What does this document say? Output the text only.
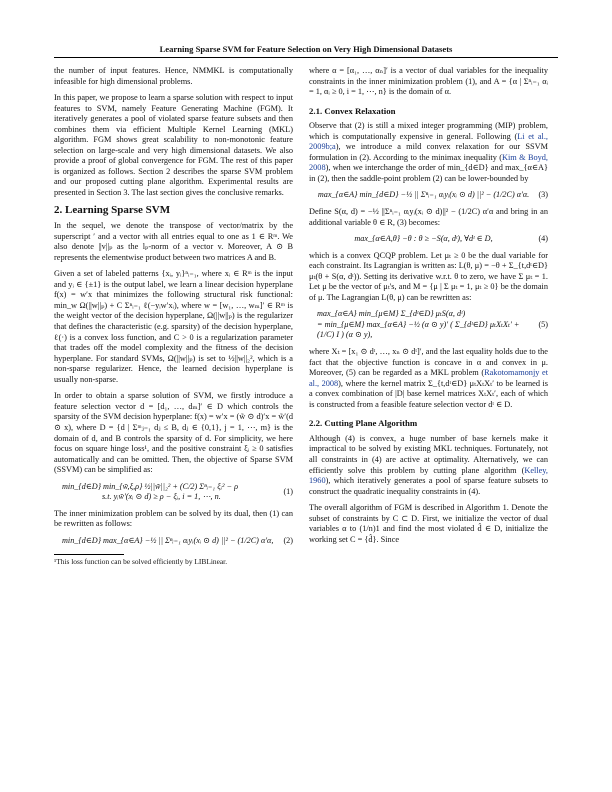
Learning Sparse SVM for Feature Selection on Very High Dimensional Datasets

the number of input features. Hence, NMMKL is computationally infeasible for high dimensional problems.

In this paper, we propose to learn a sparse solution with respect to input features to SVM, namely Feature Generating Machine (FGM). It iteratively generates a pool of violated sparse feature subsets and then combines them via efficient Multiple Kernel Learning (MKL) algorithm. FGM shows great scalability to non-monotonic feature selection on large-scale and very high dimensional datasets. We also provide a proof of global convergence for FGM. The rest of this paper is organized as follows. Section 2 describes the sparse SVM problem and our proposed cutting plane algorithm. Experimental results are presented in Section 3. The last section gives the conclusive remarks.

2. Learning Sparse SVM

In the sequel, we denote the transpose of vector/matrix by the superscript ′ and a vector with all entries equal to one as 1 ∈ Rᵐ. We also denote ||v||ₚ as the lₚ-norm of a vector v. Moreover, A ⊙ B represents the elementwise product between two matrices A and B.

Given a set of labeled patterns {xᵢ, yᵢ}ⁿᵢ₌₁, where xᵢ ∈ Rᵐ is the input and yᵢ ∈ {±1} is the output label, we learn a linear decision hyperplane f(x) = w′x that minimizes the following structural risk functional: min_w Ω(||w||ₚ) + C Σⁿᵢ₌₁ ℓ(−yᵢw′xᵢ), where w = [w₁, …, wₘ]′ ∈ Rᵐ is the weight vector of the decision hyperplane, Ω(||w||ₚ) is the regularizer that defines the characteristic (e.g. sparsity) of the decision hyperplane, ℓ(·) is a convex loss function, and C > 0 is a regularization parameter that trades off the model complexity and the fitness of the decision hyperplane. For standard SVMs, Ω(||w||ₚ) is set to ½||w||₂², which is a non-sparse regularizer. Hence, the learned decision hyperplane is usually non-sparse.

In order to obtain a sparse solution of SVM, we firstly introduce a feature selection vector d = [d₁, …, dₘ]′ ∈ D which controls the sparsity of the SVM decision hyperplane: f(x) = w′x = (w̃ ⊙ d)′x = w̃′(d ⊙ x), where D = {d | Σᵐⱼ₌₁ dⱼ ≤ B, dⱼ ∈ {0,1}, j = 1, ⋯, m} is the domain of d, and B controls the sparsity of d. For simplicity, we here focus on square hinge loss¹, and the positive constraint ξᵢ ≥ 0 satisfies automatically and can be omitted. Then, the objective of Sparse SVM (SSVM) can be simplified as:

min_{d∈D} min_{w̃,ξ,ρ} ½||w̃||₂² + (C/2) Σⁿᵢ₌₁ ξᵢ² − ρ
s.t. yᵢw̃′(xᵢ ⊙ d) ≥ ρ − ξᵢ, i = 1, ⋯, n.
(1)

The inner minimization problem can be solved by its dual, then (1) can be rewritten as follows:

min_{d∈D} max_{α∈A} −½ || Σⁿᵢ₌₁ αᵢyᵢ(xᵢ ⊙ d) ||² − (1/2C) α′α,	(2)
¹This loss function can be solved efficiently by LIBLinear.

where α = [α₁, …, αₙ]′ is a vector of dual variables for the inequality constraints in the inner minimization problem (1), and A = {α | Σⁿᵢ₌₁ αᵢ = 1, αᵢ ≥ 0, i = 1, ⋯, n} is the domain of α.

2.1. Convex Relaxation

Observe that (2) is still a mixed integer programming (MIP) problem, which is computationally expensive in general. Following (Li et al., 2009b;a), we introduce a mild convex relaxation for our SSVM formulation in (2). According to the minimax inequality (Kim & Boyd, 2008), when we interchange the order of min_{d∈D} and max_{α∈A} in (2), then the saddle-point problem (2) can be lower-bounded by

max_{α∈A} min_{d∈D} −½ || Σⁿᵢ₌₁ αᵢyᵢ(xᵢ ⊙ d) ||² − (1/2C) α′α.	(3)

Define S(α, d) = −½ ||Σⁿᵢ₌₁ αᵢyᵢ(xᵢ ⊙ d)||² − (1/2C) α′α and bring in an additional variable θ ∈ R, (3) becomes:

max_{α∈A,θ} −θ : θ ≥ −S(α, dᵗ), ∀dᵗ ∈ D,	(4)

which is a convex QCQP problem. Let μₜ ≥ 0 be the dual variable for each constraint. Its Lagrangian is written as: L(θ, μ) = −θ + Σ_{t,dᵗ∈D} μₜ(θ + S(α, dᵗ)). Setting its derivative w.r.t. θ to zero, we have Σ μₜ = 1. Let μ be the vector of μₜ's, and M = {μ | Σ μₜ = 1, μₜ ≥ 0} be the domain of μ. The Lagrangian L(θ, μ) can be rewritten as:

max_{α∈A} min_{μ∈M} Σ_{dᵗ∈D} μₜS(α, dᵗ)
= min_{μ∈M} max_{α∈A} −½ (α ⊙ y)′ ( Σ_{dᵗ∈D} μₜXₜXₜ′ + (1/C) I ) (α ⊙ y),
(5)

where Xₜ = [x₁ ⊙ dᵗ, …, xₙ ⊙ dᵗ]′, and the last equality holds due to the fact that the objective function is concave in α and convex in μ. Moreover, (5) can be regarded as a MKL problem (Rakotomamonjy et al., 2008), where the kernel matrix Σ_{t,dᵗ∈D} μₜXₜXₜ′ to be learned is a convex combination of |D| base kernel matrices XₜXₜ′, each of which is constructed from a feasible feature selection vector dᵗ ∈ D.

2.2. Cutting Plane Algorithm

Although (4) is convex, a huge number of base kernels make it impractical to be solved by existing MKL techniques. Fortunately, not all constraints in (4) are active at optimality. Alternatively, we can efficiently solve this problem by cutting plane algorithm (Kelley, 1960), which iteratively generates a pool of sparse feature subsets to construct the quadratic inequality constraints in (4).

The overall algorithm of FGM is described in Algorithm 1. Denote the subset of constraints by C ⊂ D. First, we initialize the vector of dual variables α to (1/n)1 and find the most violated d̂ ∈ D, initialize the working set C = {d̂}. Since
